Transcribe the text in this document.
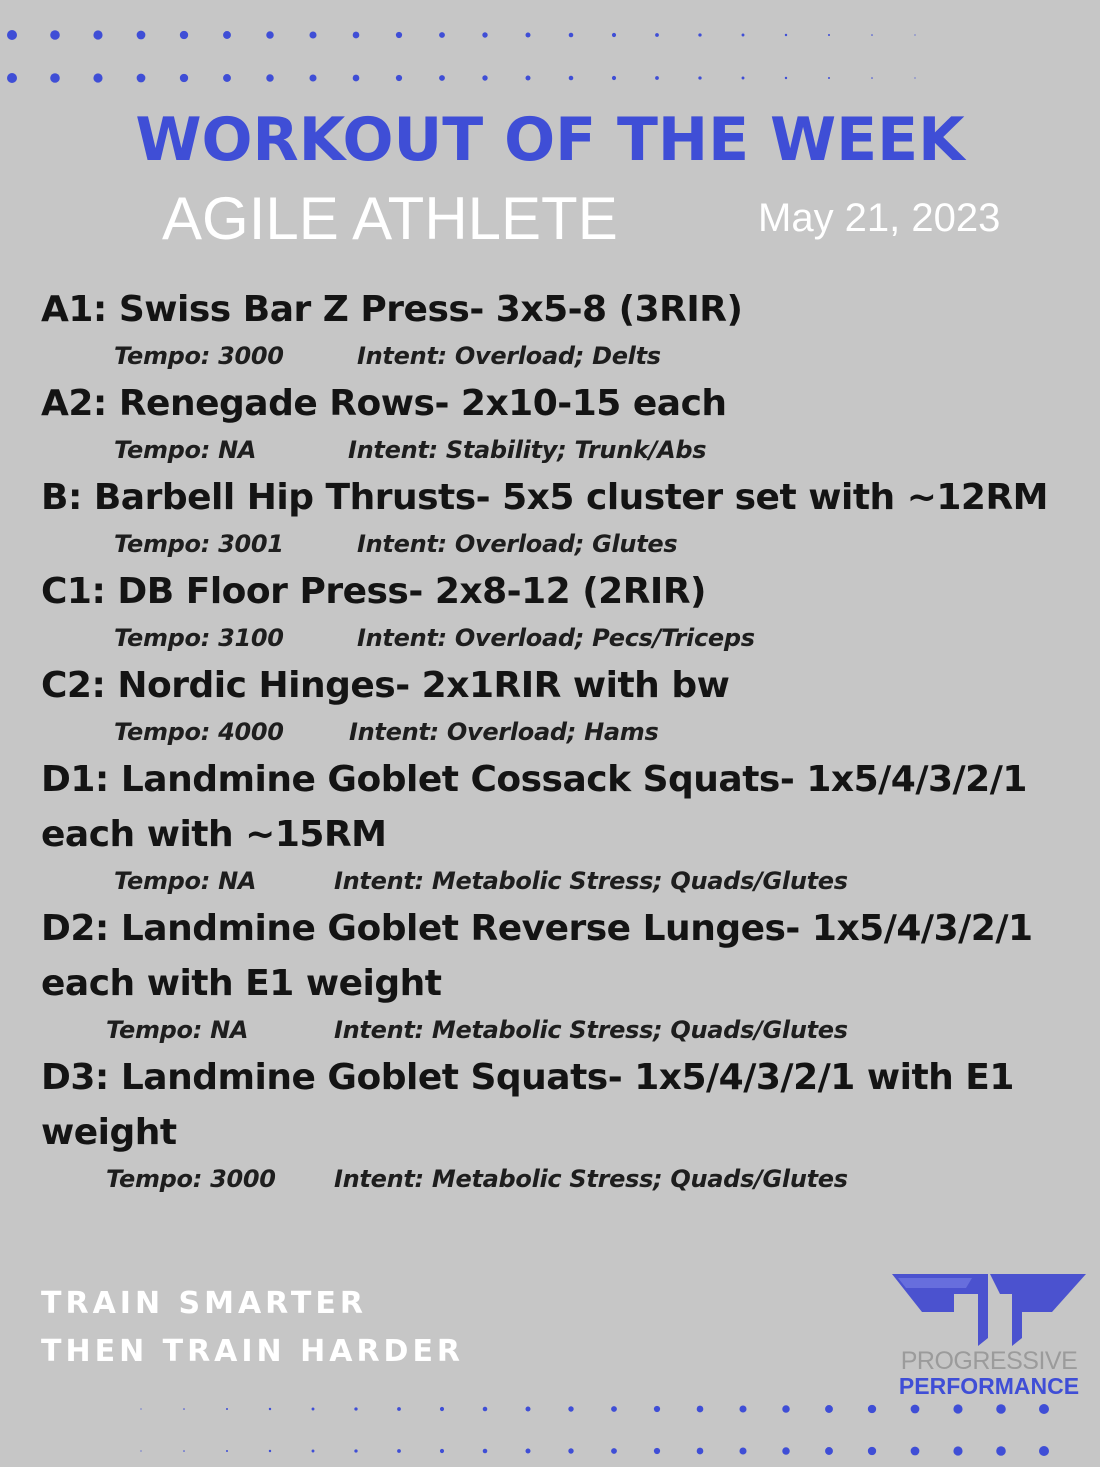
WORKOUT OF THE WEEK
AGILE ATHLETE	May 21, 2023
A1: Swiss Bar Z Press- 3x5-8 (3RIR)
Tempo: 3000	Intent: Overload; Delts
A2: Renegade Rows- 2x10-15 each
Tempo: NA	Intent: Stability; Trunk/Abs
B: Barbell Hip Thrusts- 5x5 cluster set with ~12RM
Tempo: 3001	Intent: Overload; Glutes
C1: DB Floor Press- 2x8-12 (2RIR)
Tempo: 3100	Intent: Overload; Pecs/Triceps
C2: Nordic Hinges- 2x1RIR with bw
Tempo: 4000	Intent: Overload; Hams
D1: Landmine Goblet Cossack Squats- 1x5/4/3/2/1 each with ~15RM
Tempo: NA	Intent: Metabolic Stress; Quads/Glutes
D2: Landmine Goblet Reverse Lunges- 1x5/4/3/2/1 each with E1 weight
Tempo: NA	Intent: Metabolic Stress; Quads/Glutes
D3: Landmine Goblet Squats- 1x5/4/3/2/1 with E1 weight
Tempo: 3000 Intent: Metabolic Stress; Quads/Glutes
TRAIN SMARTER
THEN TRAIN HARDER	PROGRESSIVE
PERFORMANCE
